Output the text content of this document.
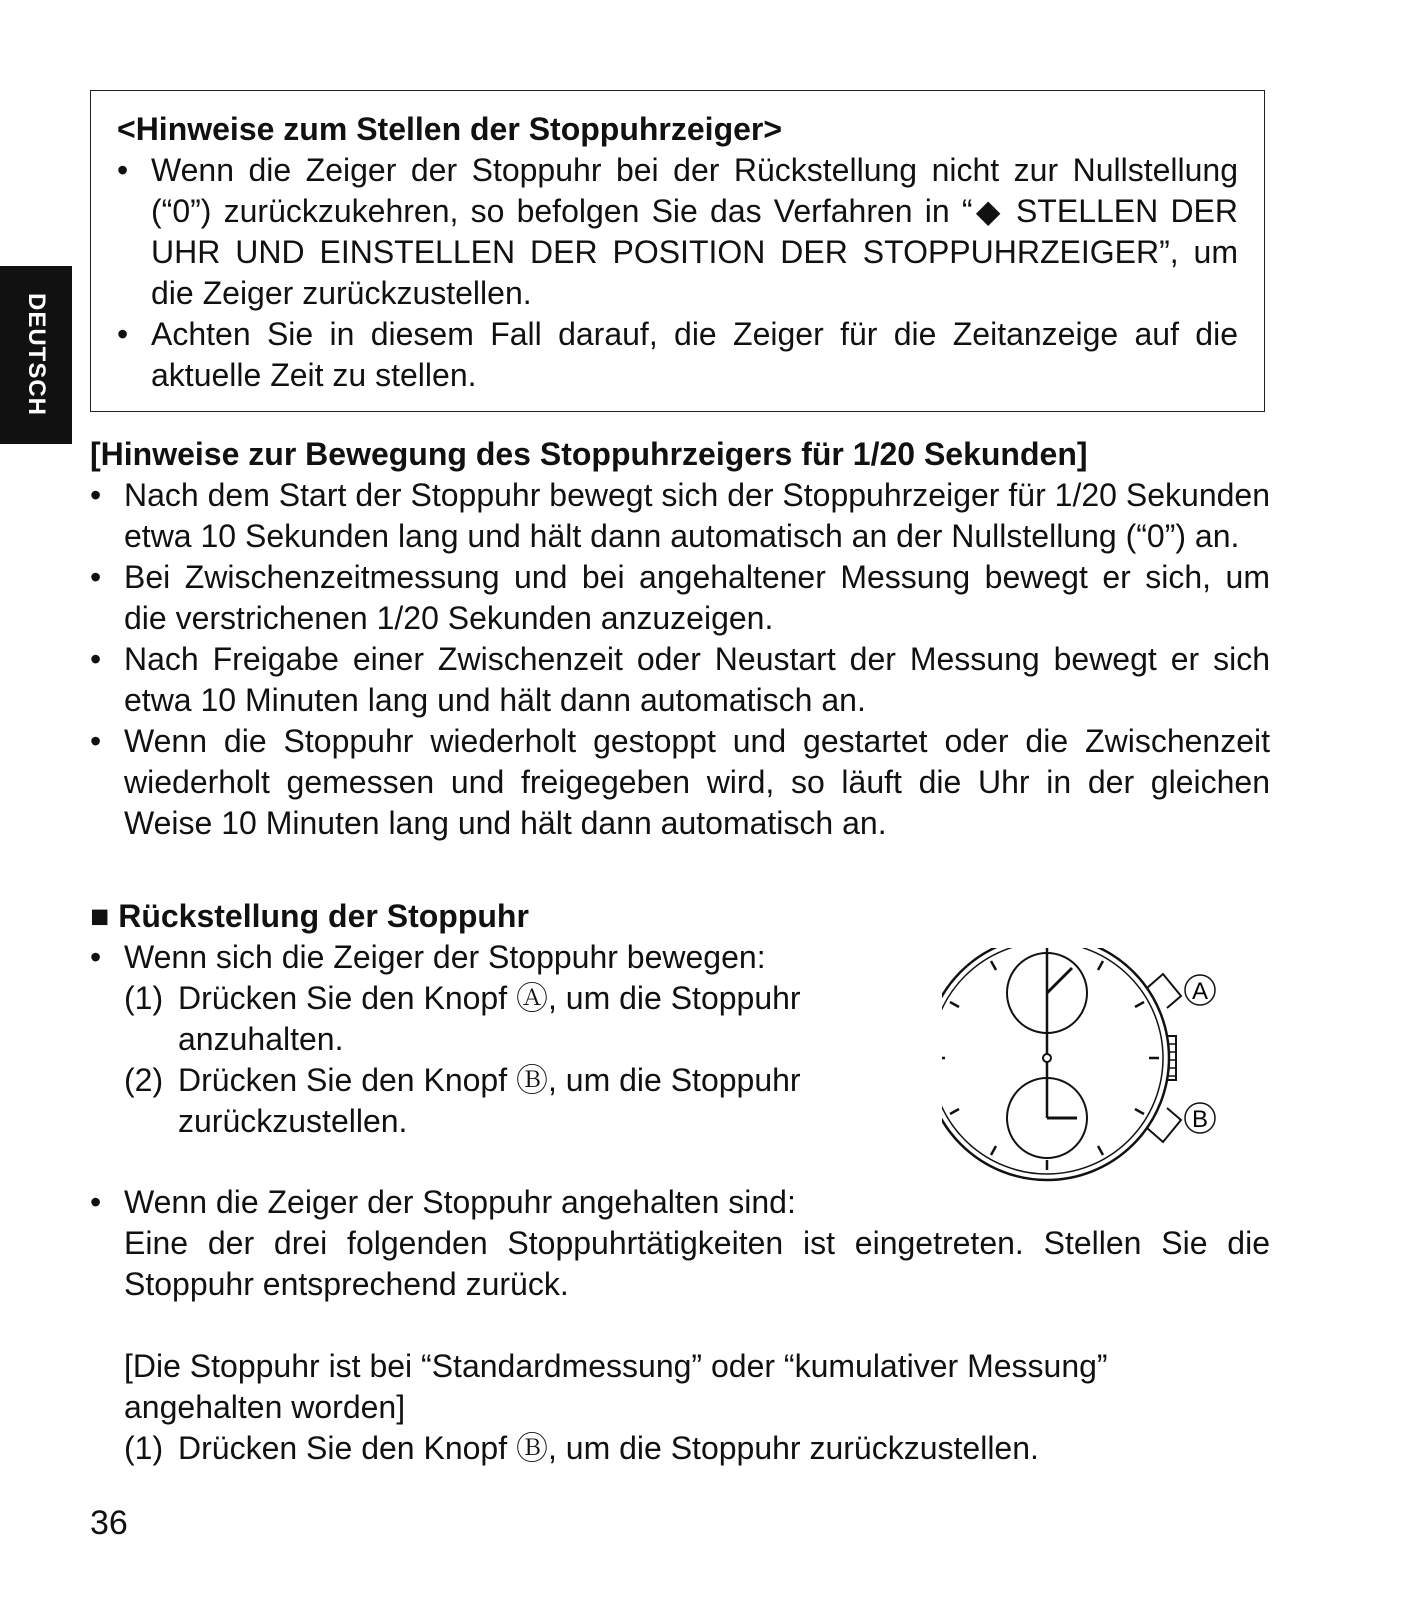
DEUTSCH
<Hinweise zum Stellen der Stoppuhrzeiger>
• Wenn die Zeiger der Stoppuhr bei der Rückstellung nicht zur Nullstellung (“0”) zurückzukehren, so befolgen Sie das Verfahren in “◆ STELLEN DER UHR UND EINSTELLEN DER POSITION DER STOPPUHRZEIGER”, um die Zeiger zurückzustellen.
• Achten Sie in diesem Fall darauf, die Zeiger für die Zeitanzeige auf die aktuelle Zeit zu stellen.
[Hinweise zur Bewegung des Stoppuhrzeigers für 1/20 Sekunden]
• Nach dem Start der Stoppuhr bewegt sich der Stoppuhrzeiger für 1/20 Sekunden etwa 10 Sekunden lang und hält dann automatisch an der Nullstellung (“0”) an.
• Bei Zwischenzeitmessung und bei angehaltener Messung bewegt er sich, um die verstrichenen 1/20 Sekunden anzuzeigen.
• Nach Freigabe einer Zwischenzeit oder Neustart der Messung bewegt er sich etwa 10 Minuten lang und hält dann automatisch an.
• Wenn die Stoppuhr wiederholt gestoppt und gestartet oder die Zwischenzeit wiederholt gemessen und freigegeben wird, so läuft die Uhr in der gleichen Weise 10 Minuten lang und hält dann automatisch an.
■ Rückstellung der Stoppuhr
• Wenn sich die Zeiger der Stoppuhr bewegen:
(1) Drücken Sie den Knopf Ⓐ, um die Stoppuhr
anzuhalten.
(2) Drücken Sie den Knopf Ⓑ, um die Stoppuhr
zurückzustellen.
• Wenn die Zeiger der Stoppuhr angehalten sind:
Eine der drei folgenden Stoppuhrtätigkeiten ist eingetreten. Stellen Sie die Stoppuhr entsprechend zurück.
[Die Stoppuhr ist bei “Standardmessung” oder “kumulativer Messung”
angehalten worden]
(1) Drücken Sie den Knopf Ⓑ, um die Stoppuhr zurückzustellen.
A
B
36
